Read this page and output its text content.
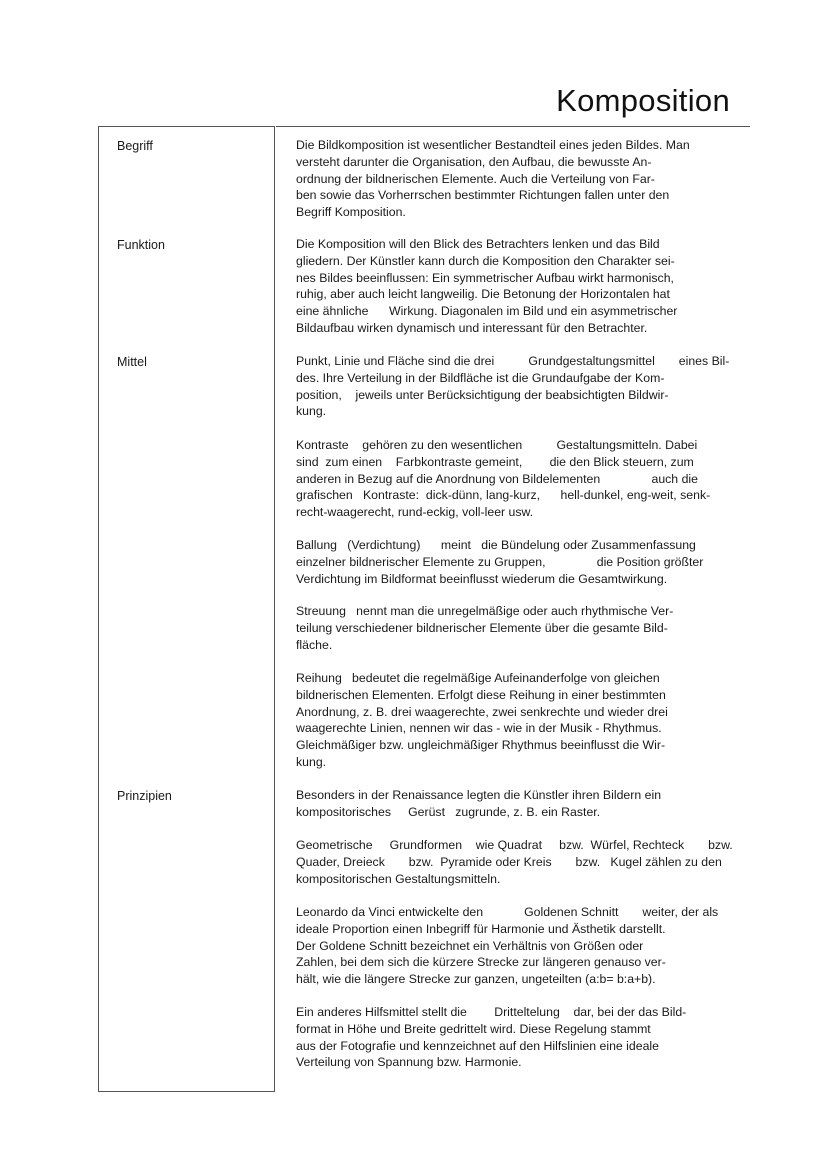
Komposition
Begriff
Funktion
Mittel
Prinzipien

Die Bildkomposition ist wesentlicher Bestandteil eines jeden Bildes. Man
versteht darunter die Organisation, den Aufbau, die bewusste An-
ordnung der bildnerischen Elemente. Auch die Verteilung von Far-
ben sowie das Vorherrschen bestimmter Richtungen fallen unter den
Begriff Komposition.

Die Komposition will den Blick des Betrachters lenken und das Bild
gliedern. Der Künstler kann durch die Komposition den Charakter sei-
nes Bildes beeinflussen: Ein symmetrischer Aufbau wirkt harmonisch,
ruhig, aber auch leicht langweilig. Die Betonung der Horizontalen hat
eine ähnliche      Wirkung. Diagonalen im Bild und ein asymmetrischer
Bildaufbau wirken dynamisch und interessant für den Betrachter.

Punkt, Linie und Fläche sind die drei          Grundgestaltungsmittel       eines Bil-
des. Ihre Verteilung in der Bildfläche ist die Grundaufgabe der Kom-
position,    jeweils unter Berücksichtigung der beabsichtigten Bildwir-
kung.

Kontraste    gehören zu den wesentlichen          Gestaltungsmitteln. Dabei
sind  zum einen    Farbkontraste gemeint,        die den Blick steuern, zum
anderen in Bezug auf die Anordnung von Bildelementen               auch die
grafischen   Kontraste:  dick-dünn, lang-kurz,      hell-dunkel, eng-weit, senk-
recht-waagerecht, rund-eckig, voll-leer usw.

Ballung   (Verdichtung)      meint   die Bündelung oder Zusammenfassung
einzelner bildnerischer Elemente zu Gruppen,               die Position größter
Verdichtung im Bildformat beeinflusst wiederum die Gesamtwirkung.

Streuung   nennt man die unregelmäßige oder auch rhythmische Ver-
teilung verschiedener bildnerischer Elemente über die gesamte Bild-
fläche.

Reihung   bedeutet die regelmäßige Aufeinanderfolge von gleichen
bildnerischen Elementen. Erfolgt diese Reihung in einer bestimmten
Anordnung, z. B. drei waagerechte, zwei senkrechte und wieder drei
waagerechte Linien, nennen wir das - wie in der Musik - Rhythmus.
Gleichmäßiger bzw. ungleichmäßiger Rhythmus beeinflusst die Wir-
kung.

Besonders in der Renaissance legten die Künstler ihren Bildern ein
kompositorisches     Gerüst   zugrunde, z. B. ein Raster.

Geometrische     Grundformen    wie Quadrat     bzw.  Würfel, Rechteck       bzw.
Quader, Dreieck       bzw.  Pyramide oder Kreis       bzw.   Kugel zählen zu den
kompositorischen Gestaltungsmitteln.

Leonardo da Vinci entwickelte den            Goldenen Schnitt       weiter, der als
ideale Proportion einen Inbegriff für Harmonie und Ästhetik darstellt.
Der Goldene Schnitt bezeichnet ein Verhältnis von Größen oder
Zahlen, bei dem sich die kürzere Strecke zur längeren genauso ver-
hält, wie die längere Strecke zur ganzen, ungeteilten (a:b= b:a+b).

Ein anderes Hilfsmittel stellt die        Dritteltelung    dar, bei der das Bild-
format in Höhe und Breite gedrittelt wird. Diese Regelung stammt
aus der Fotografie und kennzeichnet auf den Hilfslinien eine ideale
Verteilung von Spannung bzw. Harmonie.
